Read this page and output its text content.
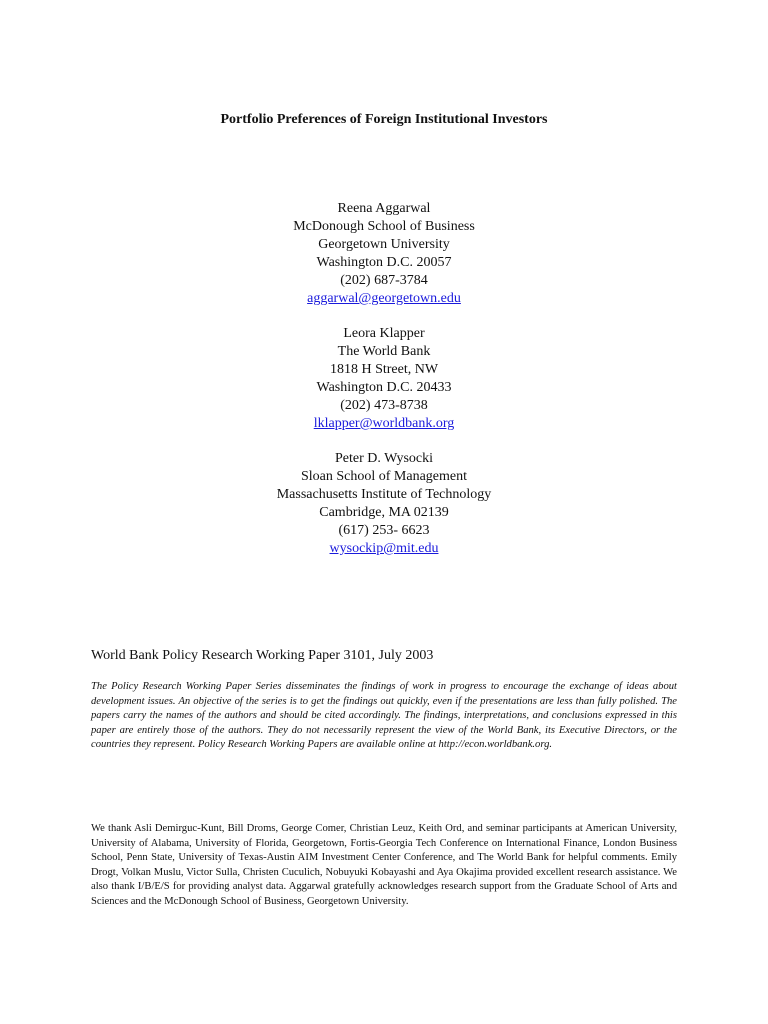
Portfolio Preferences of Foreign Institutional Investors
Reena Aggarwal
McDonough School of Business
Georgetown University
Washington D.C. 20057
(202) 687-3784
aggarwal@georgetown.edu
Leora Klapper
The World Bank
1818 H Street, NW
Washington D.C. 20433
(202) 473-8738
lklapper@worldbank.org
Peter D. Wysocki
Sloan School of Management
Massachusetts Institute of Technology
Cambridge, MA 02139
(617) 253- 6623
wysockip@mit.edu
World Bank Policy Research Working Paper 3101, July 2003
The Policy Research Working Paper Series disseminates the findings of work in progress to encourage the exchange of ideas about development issues. An objective of the series is to get the findings out quickly, even if the presentations are less than fully polished. The papers carry the names of the authors and should be cited accordingly. The findings, interpretations, and conclusions expressed in this paper are entirely those of the authors. They do not necessarily represent the view of the World Bank, its Executive Directors, or the countries they represent. Policy Research Working Papers are available online at http://econ.worldbank.org.
We thank Asli Demirguc-Kunt, Bill Droms, George Comer, Christian Leuz, Keith Ord, and seminar participants at American University, University of Alabama, University of Florida, Georgetown, Fortis-Georgia Tech Conference on International Finance, London Business School, Penn State, University of Texas-Austin AIM Investment Center Conference, and The World Bank for helpful comments. Emily Drogt, Volkan Muslu, Victor Sulla, Christen Cuculich, Nobuyuki Kobayashi and Aya Okajima provided excellent research assistance. We also thank I/B/E/S for providing analyst data. Aggarwal gratefully acknowledges research support from the Graduate School of Arts and Sciences and the McDonough School of Business, Georgetown University.
